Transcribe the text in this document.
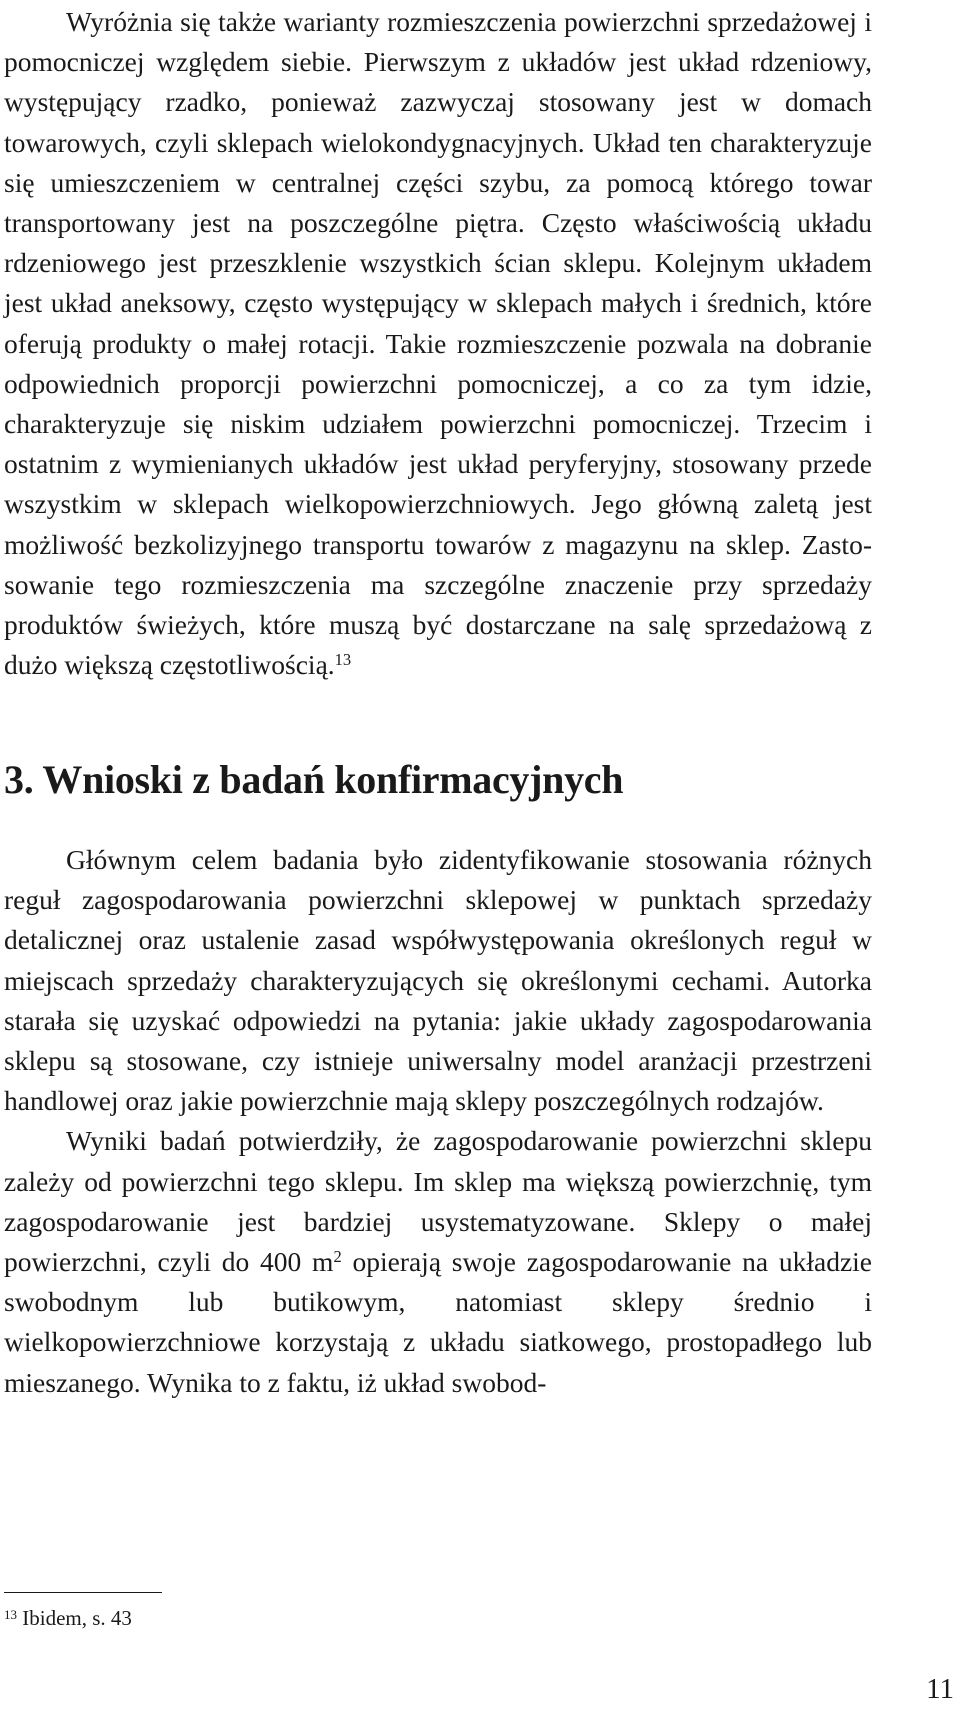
Wyróżnia się także warianty rozmieszczenia powierzchni sprzedażowej i pomocniczej względem siebie. Pierwszym z układów jest układ rdzeniowy, występujący rzadko, ponieważ zazwyczaj stosowany jest w domach towarowych, czyli sklepach wielokondygnacyjnych. Układ ten charakteryzuje się umieszczeniem w centralnej części szybu, za pomocą którego towar transportowany jest na poszczególne piętra. Często właściwością układu rdzeniowego jest przeszklenie wszystkich ścian sklepu. Kolejnym układem jest układ aneksowy, często występujący w sklepach małych i średnich, które oferują produkty o małej rotacji. Takie rozmieszczenie pozwala na dobranie odpowiednich proporcji powierzchni pomocniczej, a co za tym idzie, charakteryzuje się niskim udziałem powierzchni pomocniczej. Trzecim i ostatnim z wymienianych układów jest układ peryferyjny, stosowany przede wszystkim w sklepach wielkopowierzchniowych. Jego główną zaletą jest możliwość bezkolizyjnego transportu towarów z magazynu na sklep. Zastosowanie tego rozmieszczenia ma szczególne znaczenie przy sprzedaży produktów świeżych, które muszą być dostarczane na salę sprzedażową z dużo większą częstotliwością.$^{13}$

3. Wnioski z badań konfirmacyjnych

Głównym celem badania było zidentyfikowanie stosowania różnych reguł zagospodarowania powierzchni sklepowej w punktach sprzedaży detalicznej oraz ustalenie zasad współwystępowania określonych reguł w miejscach sprzedaży charakteryzujących się określonymi cechami. Autorka starała się uzyskać odpowiedzi na pytania: jakie układy zagospodarowania sklepu są stosowane, czy istnieje uniwersalny model aranżacji przestrzeni handlowej oraz jakie powierzchnie mają sklepy poszczególnych rodzajów.

Wyniki badań potwierdziły, że zagospodarowanie powierzchni sklepu zależy od powierzchni tego sklepu. Im sklep ma większą powierzchnię, tym zagospodarowanie jest bardziej usystematyzowane. Sklepy o małej powierzchni, czyli do 400 $m^2$ opierają swoje zagospodarowanie na układzie swobodnym lub butikowym, natomiast sklepy średnio i wielkopowierzchniowe korzystają z układu siatkowego, prostopadłego lub mieszanego. Wynika to z faktu, iż układ swobod-

$^{13}$ Ibidem, s. 43

11
